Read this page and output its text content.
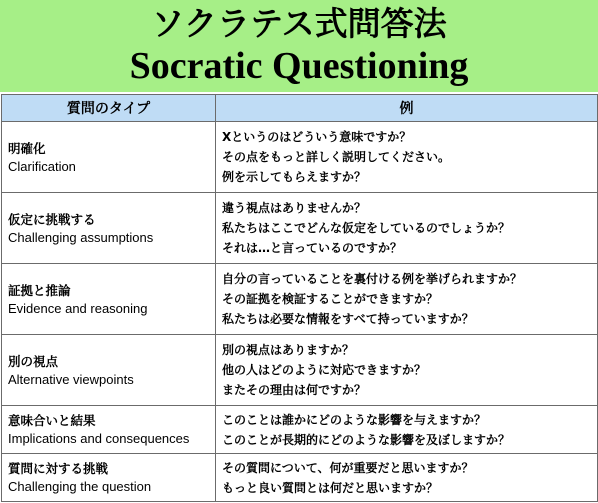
ソクラテス式問答法
Socratic Questioning
質問のタイプ	例

明確化
Clarification	Xというのはどういう意味ですか？
その点をもっと詳しく説明してください。
例を示してもらえますか？

仮定に挑戦する
Challenging assumptions	違う視点はありませんか？
私たちはここでどんな仮定をしているのでしょうか？
それは…と言っているのですか？

証拠と推論
Evidence and reasoning	自分の言っていることを裏付ける例を挙げられますか？
その証拠を検証することができますか？
私たちは必要な情報をすべて持っていますか？

別の視点
Alternative viewpoints	別の視点はありますか？
他の人はどのように対応できますか？
またその理由は何ですか？

意味合いと結果
Implications and consequences	このことは誰かにどのような影響を与えますか？
このことが長期的にどのような影響を及ぼしますか？

質問に対する挑戦
Challenging the question	その質問について、何が重要だと思いますか？
もっと良い質問とは何だと思いますか？
